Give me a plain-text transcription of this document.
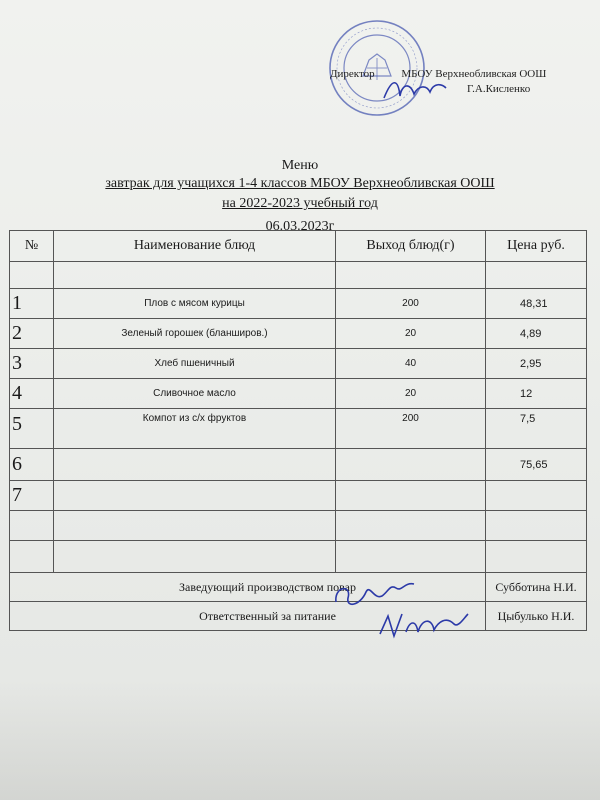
Директор МБОУ Верхнеобливская ООШ
Г.А.Кисленко
Меню
завтрак для учащихся 1-4 классов МБОУ Верхнеобливская ООШ
на 2022-2023 учебный год
06.03.2023г
№	Наименование блюд	Выход блюд(г)	Цена руб.

1	Плов с мясом курицы	200	48,31
2	Зеленый горошек (бланширов.)	20	4,89
3	Хлеб пшеничный	40	2,95
4	Сливочное масло	20	12
5	Компот из с/х фруктов	200	7,5
6			75,65
7			

Заведующий производством повар			Субботина Н.И.
Ответственный за питание			Цыбулько Н.И.
